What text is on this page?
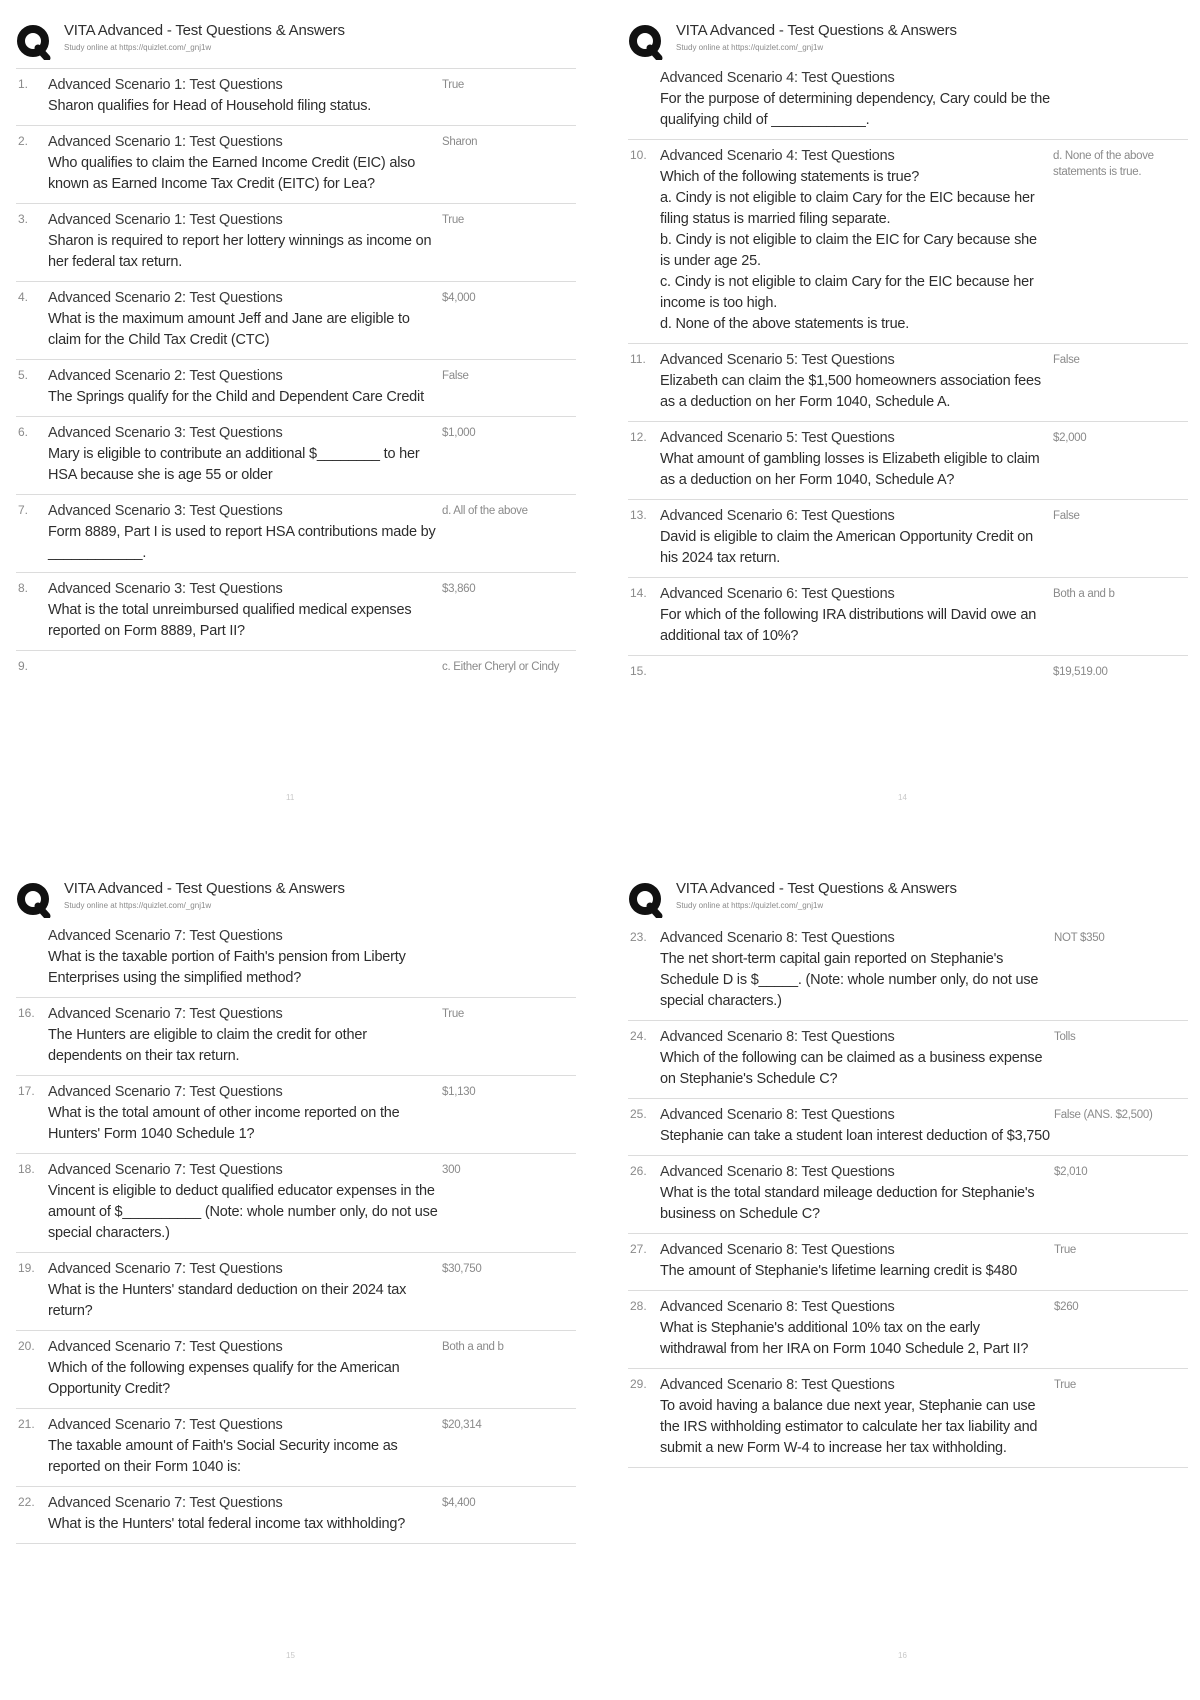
VITA Advanced - Test Questions & Answers
Study online at https://quizlet.com/_gnj1w
1.	Advanced Scenario 1: Test Questions
Sharon qualifies for Head of Household filing status.
True
2.	Advanced Scenario 1: Test Questions
Who qualifies to claim the Earned Income Credit (EIC) also known as Earned Income Tax Credit (EITC) for Lea?
Sharon
3.	Advanced Scenario 1: Test Questions
Sharon is required to report her lottery winnings as income on her federal tax return.
True
4.	Advanced Scenario 2: Test Questions
What is the maximum amount Jeff and Jane are eligible to claim for the Child Tax Credit (CTC)
$4,000
5.	Advanced Scenario 2: Test Questions
The Springs qualify for the Child and Dependent Care Credit
False
6.	Advanced Scenario 3: Test Questions
Mary is eligible to contribute an additional $________ to her HSA because she is age 55 or older
$1,000
7.	Advanced Scenario 3: Test Questions
Form 8889, Part I is used to report HSA contributions made by ____________.
d. All of the above
8.	Advanced Scenario 3: Test Questions
What is the total unreimbursed qualified medical expenses reported on Form 8889, Part II?
$3,860
9.	c. Either Cheryl or Cindy
11
VITA Advanced - Test Questions & Answers
Study online at https://quizlet.com/_gnj1w
Advanced Scenario 4: Test Questions
For the purpose of determining dependency, Cary could be the qualifying child of ____________.
10. Advanced Scenario 4: Test Questions
Which of the following statements is true?
a. Cindy is not eligible to claim Cary for the EIC because her filing status is married filing separate.
b. Cindy is not eligible to claim the EIC for Cary because she is under age 25.
c. Cindy is not eligible to claim Cary for the EIC because her income is too high.
d. None of the above statements is true.
d. None of the above statements is true.
11. Advanced Scenario 5: Test Questions
Elizabeth can claim the $1,500 homeowners association fees as a deduction on her Form 1040, Schedule A.
False
12. Advanced Scenario 5: Test Questions
What amount of gambling losses is Elizabeth eligible to claim as a deduction on her Form 1040, Schedule A?
$2,000
13. Advanced Scenario 6: Test Questions
David is eligible to claim the American Opportunity Credit on his 2024 tax return.
False
14. Advanced Scenario 6: Test Questions
For which of the following IRA distributions will David owe an additional tax of 10%?
Both a and b
15.	$19,519.00
14
VITA Advanced - Test Questions & Answers
Study online at https://quizlet.com/_gnj1w
Advanced Scenario 7: Test Questions
What is the taxable portion of Faith's pension from Liberty Enterprises using the simplified method?
16. Advanced Scenario 7: Test Questions
The Hunters are eligible to claim the credit for other dependents on their tax return.
True
17. Advanced Scenario 7: Test Questions
What is the total amount of other income reported on the Hunters' Form 1040 Schedule 1?
$1,130
18. Advanced Scenario 7: Test Questions
Vincent is eligible to deduct qualified educator expenses in the amount of $__________ (Note: whole number only, do not use special characters.)
300
19. Advanced Scenario 7: Test Questions
What is the Hunters' standard deduction on their 2024 tax return?
$30,750
20. Advanced Scenario 7: Test Questions
Which of the following expenses qualify for the American Opportunity Credit?
Both a and b
21. Advanced Scenario 7: Test Questions
The taxable amount of Faith's Social Security income as reported on their Form 1040 is:
$20,314
22. Advanced Scenario 7: Test Questions
What is the Hunters' total federal income tax withholding?
$4,400
15
VITA Advanced - Test Questions & Answers
Study online at https://quizlet.com/_gnj1w
23. Advanced Scenario 8: Test Questions
The net short-term capital gain reported on Stephanie's Schedule D is $_____. (Note: whole number only, do not use special characters.)
NOT $350
24. Advanced Scenario 8: Test Questions
Which of the following can be claimed as a business expense on Stephanie's Schedule C?
Tolls
25. Advanced Scenario 8: Test Questions
Stephanie can take a student loan interest deduction of $3,750
False (ANS. $2,500)
26. Advanced Scenario 8: Test Questions
What is the total standard mileage deduction for Stephanie's business on Schedule C?
$2,010
27. Advanced Scenario 8: Test Questions
The amount of Stephanie's lifetime learning credit is $480
True
28. Advanced Scenario 8: Test Questions
What is Stephanie's additional 10% tax on the early withdrawal from her IRA on Form 1040 Schedule 2, Part II?
$260
29. Advanced Scenario 8: Test Questions
To avoid having a balance due next year, Stephanie can use the IRS withholding estimator to calculate her tax liability and submit a new Form W-4 to increase her tax withholding.
True
16
